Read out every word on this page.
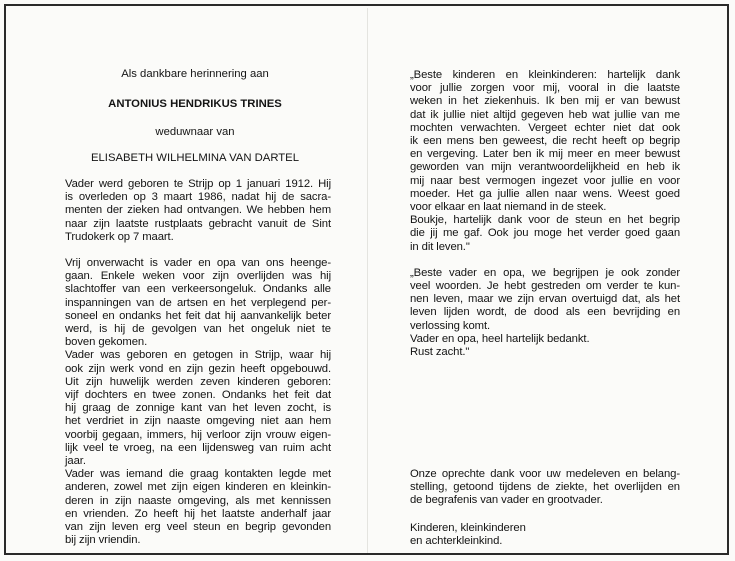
Als dankbare herinnering aan
ANTONIUS HENDRIKUS TRINES
weduwnaar van
ELISABETH WILHELMINA VAN DARTEL
Vader werd geboren te Strijp op 1 januari 1912. Hij
is overleden op 3 maart 1986, nadat hij de sacra-
menten der zieken had ontvangen. We hebben hem
naar zijn laatste rustplaats gebracht vanuit de Sint
Trudokerk op 7 maart.
Vrij onverwacht is vader en opa van ons heenge-
gaan. Enkele weken voor zijn overlijden was hij
slachtoffer van een verkeersongeluk. Ondanks alle
inspanningen van de artsen en het verplegend per-
soneel en ondanks het feit dat hij aanvankelijk beter
werd, is hij de gevolgen van het ongeluk niet te
boven gekomen.
Vader was geboren en getogen in Strijp, waar hij
ook zijn werk vond en zijn gezin heeft opgebouwd.
Uit zijn huwelijk werden zeven kinderen geboren:
vijf dochters en twee zonen. Ondanks het feit dat
hij graag de zonnige kant van het leven zocht, is
het verdriet in zijn naaste omgeving niet aan hem
voorbij gegaan, immers, hij verloor zijn vrouw eigen-
lijk veel te vroeg, na een lijdensweg van ruim acht
jaar.
Vader was iemand die graag kontakten legde met
anderen, zowel met zijn eigen kinderen en kleinkin-
deren in zijn naaste omgeving, als met kennissen
en vrienden. Zo heeft hij het laatste anderhalf jaar
van zijn leven erg veel steun en begrip gevonden
bij zijn vriendin.
„Beste kinderen en kleinkinderen: hartelijk dank
voor jullie zorgen voor mij, vooral in die laatste
weken in het ziekenhuis. Ik ben mij er van bewust
dat ik jullie niet altijd gegeven heb wat jullie van me
mochten verwachten. Vergeet echter niet dat ook
ik een mens ben geweest, die recht heeft op begrip
en vergeving. Later ben ik mij meer en meer bewust
geworden van mijn verantwoordelijkheid en heb ik
mij naar best vermogen ingezet voor jullie en voor
moeder. Het ga jullie allen naar wens. Weest goed
voor elkaar en laat niemand in de steek.
Boukje, hartelijk dank voor de steun en het begrip
die jij me gaf. Ook jou moge het verder goed gaan
in dit leven."
„Beste vader en opa, we begrijpen je ook zonder
veel woorden. Je hebt gestreden om verder te kun-
nen leven, maar we zijn ervan overtuigd dat, als het
leven lijden wordt, de dood als een bevrijding en
verlossing komt.
Vader en opa, heel hartelijk bedankt.
Rust zacht."
Onze oprechte dank voor uw medeleven en belang-
stelling, getoond tijdens de ziekte, het overlijden en
de begrafenis van vader en grootvader.
Kinderen, kleinkinderen
en achterkleinkind.
